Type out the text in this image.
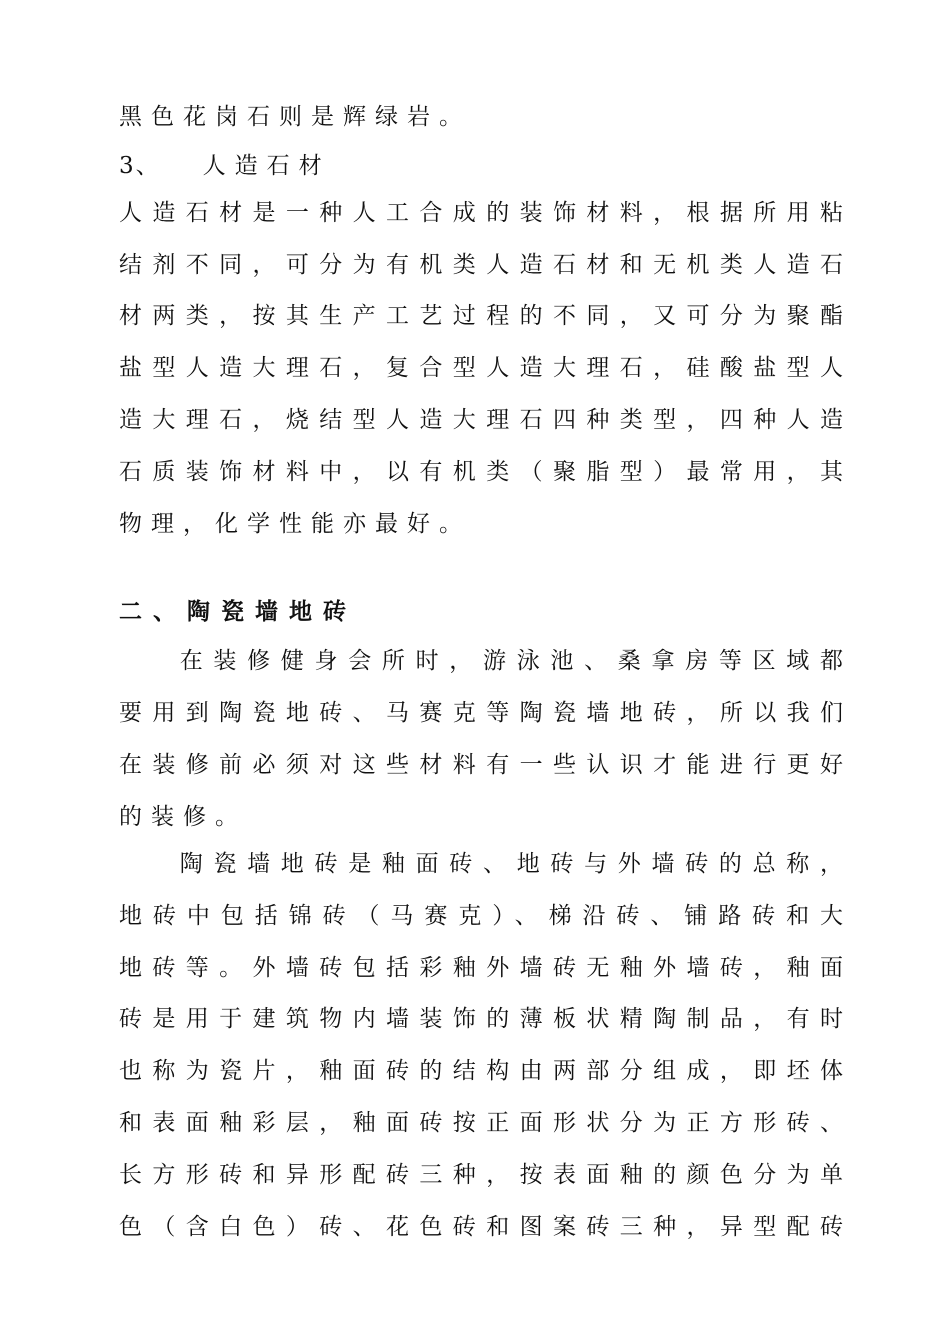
黑色花岗石则是辉绿岩。
3、 人造石材
人造石材是一种人工合成的装饰材料，根据所用粘
结剂不同，可分为有机类人造石材和无机类人造石
材两类，按其生产工艺过程的不同，又可分为聚酯
盐型人造大理石，复合型人造大理石，硅酸盐型人
造大理石，烧结型人造大理石四种类型，四种人造
石质装饰材料中，以有机类（聚脂型）最常用，其
物理，化学性能亦最好。
二、陶瓷墙地砖
在装修健身会所时，游泳池、桑拿房等区域都
要用到陶瓷地砖、马赛克等陶瓷墙地砖，所以我们
在装修前必须对这些材料有一些认识才能进行更好
的装修。
陶瓷墙地砖是釉面砖、地砖与外墙砖的总称，
地砖中包括锦砖（马赛克）、梯沿砖、铺路砖和大
地砖等。外墙砖包括彩釉外墙砖无釉外墙砖，釉面
砖是用于建筑物内墙装饰的薄板状精陶制品，有时
也称为瓷片，釉面砖的结构由两部分组成，即坯体
和表面釉彩层，釉面砖按正面形状分为正方形砖、
长方形砖和异形配砖三种，按表面釉的颜色分为单
色（含白色）砖、花色砖和图案砖三种，异型配砖
